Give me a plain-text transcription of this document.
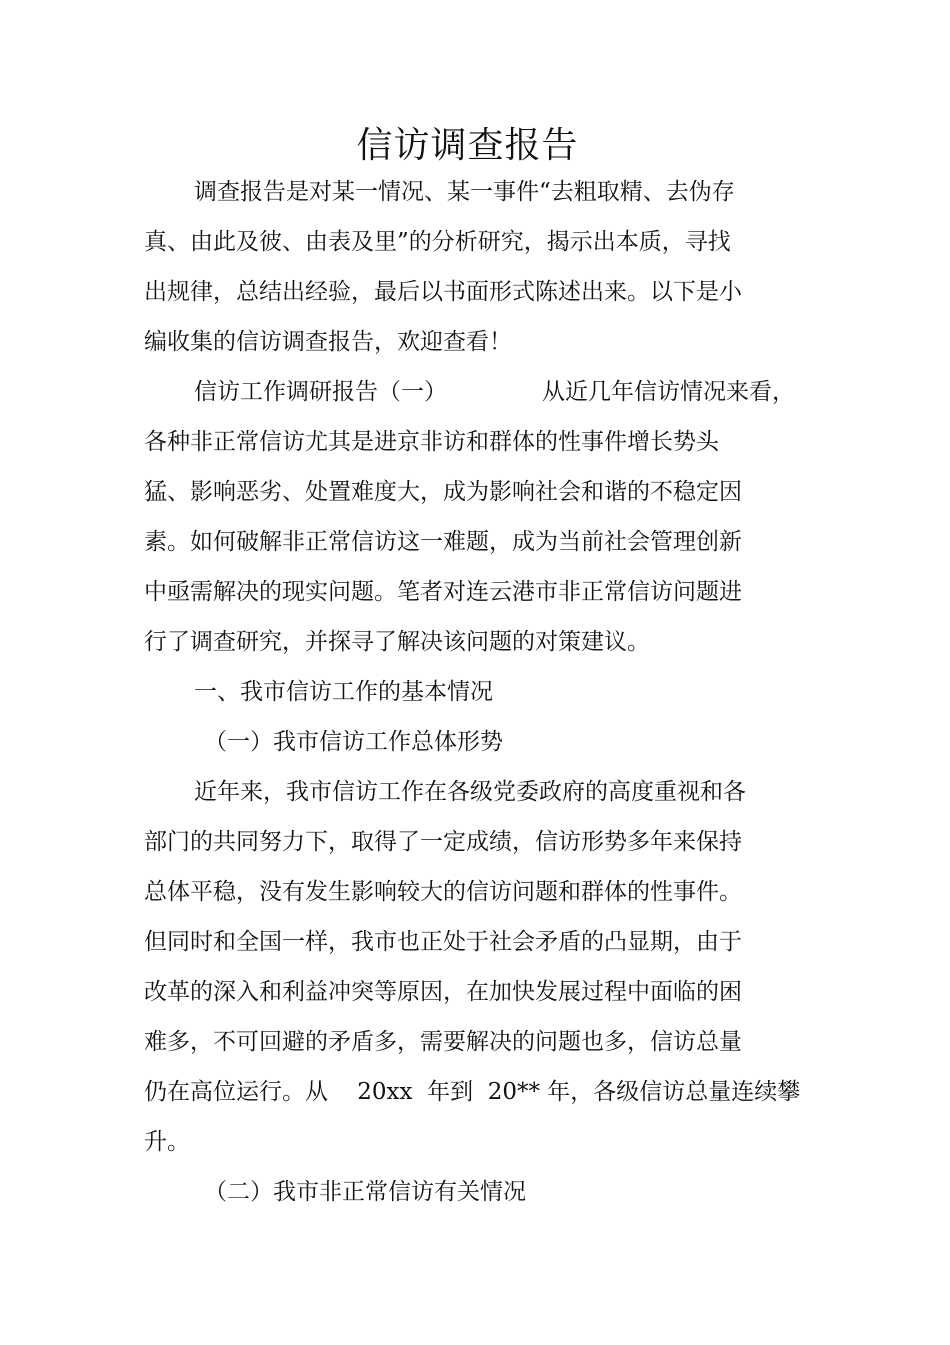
信访调查报告
调查报告是对某一情况、某一事件“去粗取精、去伪存
真、由此及彼、由表及里”的分析研究，揭示出本质，寻找
出规律，总结出经验，最后以书面形式陈述出来。以下是小
编收集的信访调查报告，欢迎查看！
信访工作调研报告（一）             从近几年信访情况来看，
各种非正常信访尤其是进京非访和群体的性事件增长势头
猛、影响恶劣、处置难度大，成为影响社会和谐的不稳定因
素。如何破解非正常信访这一难题，成为当前社会管理创新
中亟需解决的现实问题。笔者对连云港市非正常信访问题进
行了调查研究，并探寻了解决该问题的对策建议。
一、我市信访工作的基本情况
（一）我市信访工作总体形势
近年来，我市信访工作在各级党委政府的高度重视和各
部门的共同努力下，取得了一定成绩，信访形势多年来保持
总体平稳，没有发生影响较大的信访问题和群体的性事件。
但同时和全国一样，我市也正处于社会矛盾的凸显期，由于
改革的深入和利益冲突等原因，在加快发展过程中面临的困
难多，不可回避的矛盾多，需要解决的问题也多，信访总量
仍在高位运行。从    20xx  年到  20** 年，各级信访总量连续攀
升。
（二）我市非正常信访有关情况
